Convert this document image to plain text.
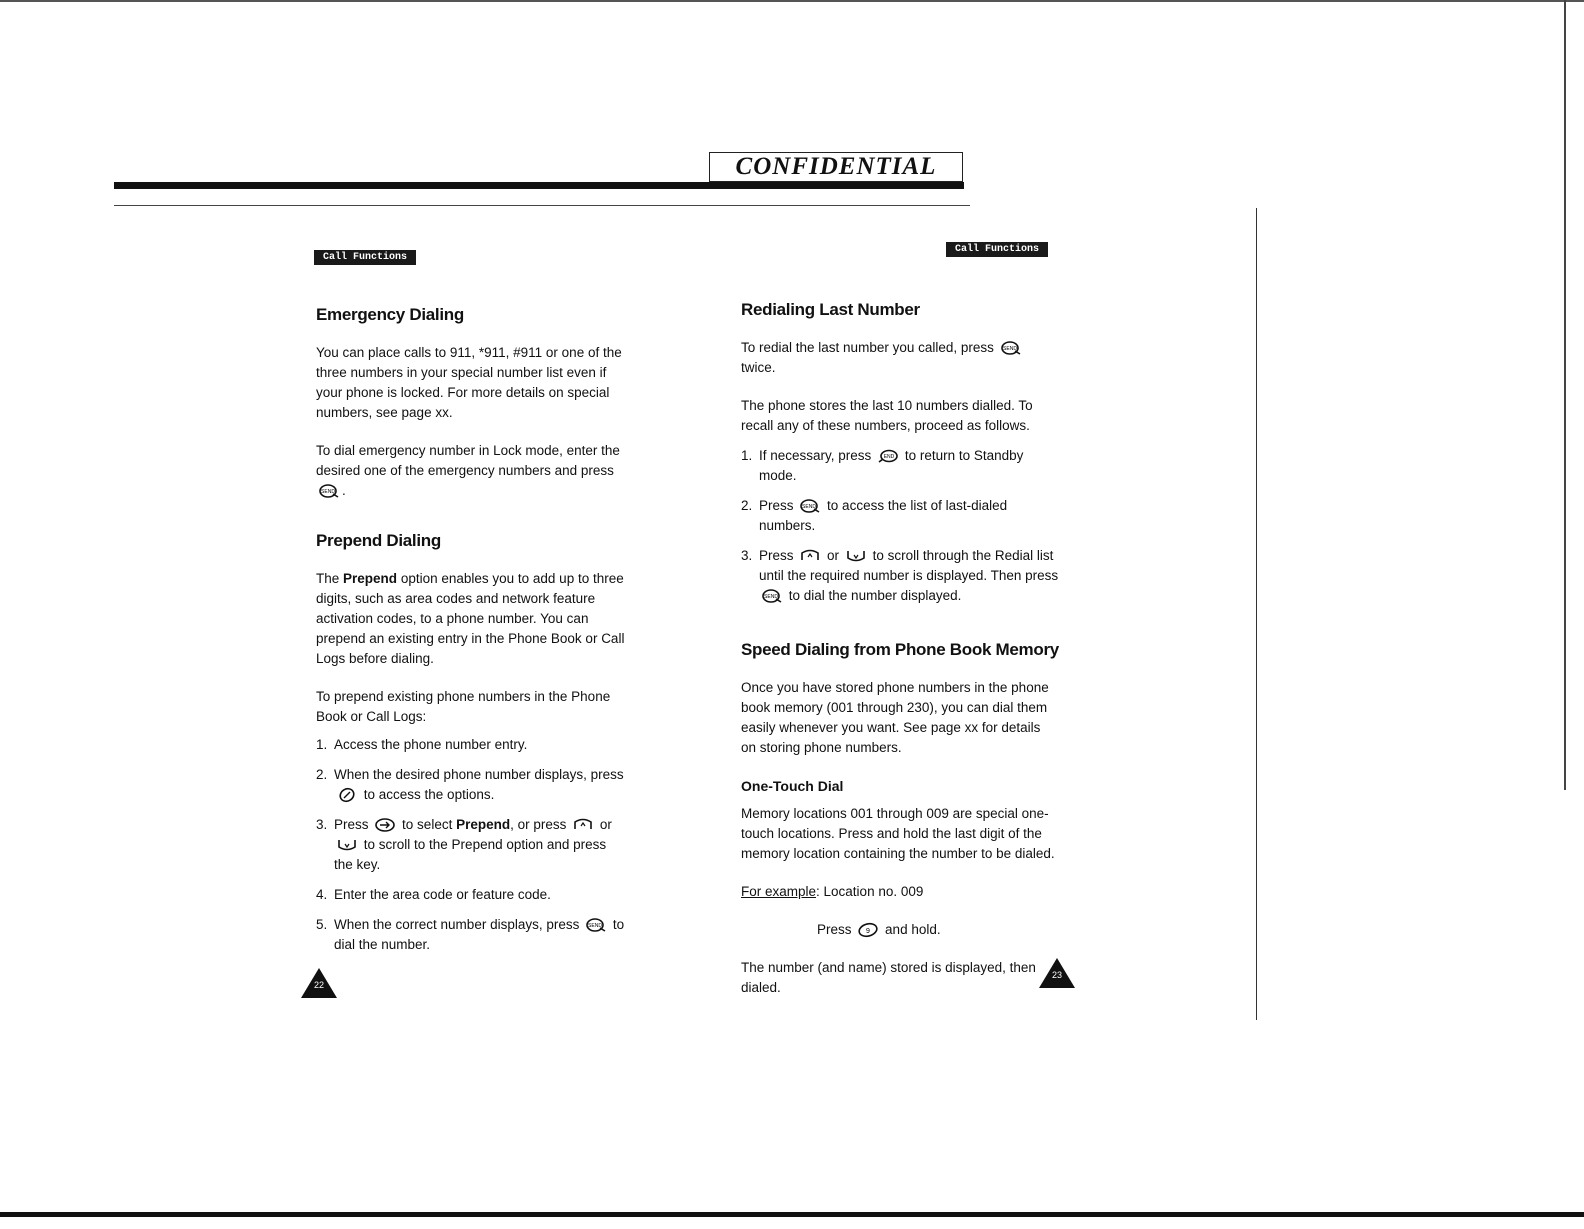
CONFIDENTIAL
Call Functions
Emergency Dialing

You can place calls to 911, *911, #911 or one of the three numbers in your special number list even if your phone is locked. For more details on special numbers, see page xx.

To dial emergency number in Lock mode, enter the desired one of the emergency numbers and press
SEND .

Prepend Dialing

The Prepend option enables you to add up to three digits, such as area codes and network feature activation codes, to a phone number. You can prepend an existing entry in the Phone Book or Call Logs before dialing.

To prepend existing phone numbers in the Phone Book or Call Logs:

1. Access the phone number entry.
2. When the desired phone number displays, press
to access the options.
3. Press to select Prepend, or press or
to scroll to the Prepend option and press the key.
4. Enter the area code or feature code.
5. When the correct number displays, press SEND to dial the number.
22
Call Functions
Redialing Last Number

To redial the last number you called, press SEND
twice.

The phone stores the last 10 numbers dialled. To recall any of these numbers, proceed as follows.

1. If necessary, press END to return to Standby mode.
2. Press SEND to access the list of last-dialed numbers.
3. Press or to scroll through the Redial list until the required number is displayed. Then press
SEND to dial the number displayed.
Speed Dialing from Phone Book Memory

Once you have stored phone numbers in the phone book memory (001 through 230), you can dial them easily whenever you want. See page xx for details on storing phone numbers.

One-Touch Dial

Memory locations 001 through 009 are special one-touch locations. Press and hold the last digit of the memory location containing the number to be dialed.

For example: Location no. 009

Press 9 and hold.

The number (and name) stored is displayed, then dialed.

23
